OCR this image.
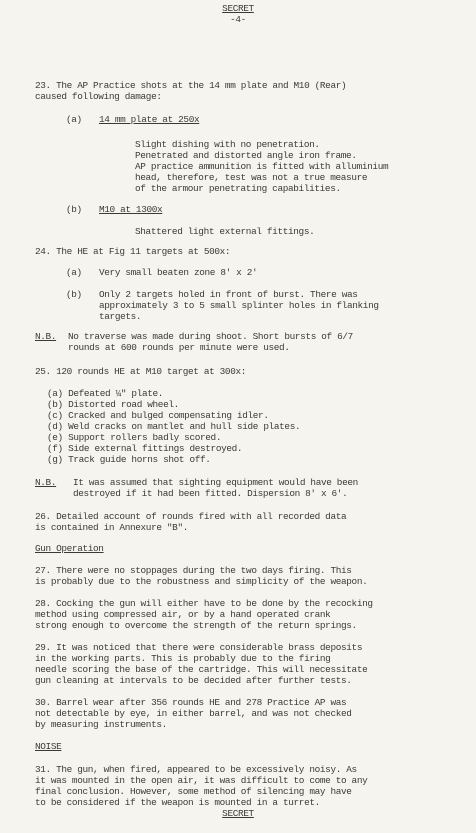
SECRET

-4-

23. The AP Practice shots at the 14 mm plate and M10 (Rear)

caused following damage:

(a) 14 mm plate at 250x

Slight dishing with no penetration.

Penetrated and distorted angle iron frame.

AP practice ammunition is fitted with alluminium

head, therefore, test was not a true measure

of the armour penetrating capabilities.

(b) M10 at 1300x

Shattered light external fittings.

24. The HE at Fig 11 targets at 500x:

(a) Very small beaten zone 8' x 2'

(b) Only 2 targets holed in front of burst. There was

approximately 3 to 5 small splinter holes in flanking

targets.

N.B. No traverse was made during shoot. Short bursts of 6/7

rounds at 600 rounds per minute were used.

25. 120 rounds HE at M10 target at 300x:

(a) Defeated ¼" plate.

(b) Distorted road wheel.

(c) Cracked and bulged compensating idler.

(d) Weld cracks on mantlet and hull side plates.

(e) Support rollers badly scored.

(f) Side external fittings destroyed.

(g) Track guide horns shot off.

N.B. It was assumed that sighting equipment would have been

destroyed if it had been fitted. Dispersion 8' x 6'.

26. Detailed account of rounds fired with all recorded data

is contained in Annexure "B".

Gun Operation

27. There were no stoppages during the two days firing. This

is probably due to the robustness and simplicity of the weapon.

28. Cocking the gun will either have to be done by the recocking

method using compressed air, or by a hand operated crank

strong enough to overcome the strength of the return springs.

29. It was noticed that there were considerable brass deposits

in the working parts. This is probably due to the firing

needle scoring the base of the cartridge. This will necessitate

gun cleaning at intervals to be decided after further tests.

30. Barrel wear after 356 rounds HE and 278 Practice AP was

not detectable by eye, in either barrel, and was not checked

by measuring instruments.

NOISE

31. The gun, when fired, appeared to be excessively noisy. As

it was mounted in the open air, it was difficult to come to any

final conclusion. However, some method of silencing may have

to be considered if the weapon is mounted in a turret.

SECRET
